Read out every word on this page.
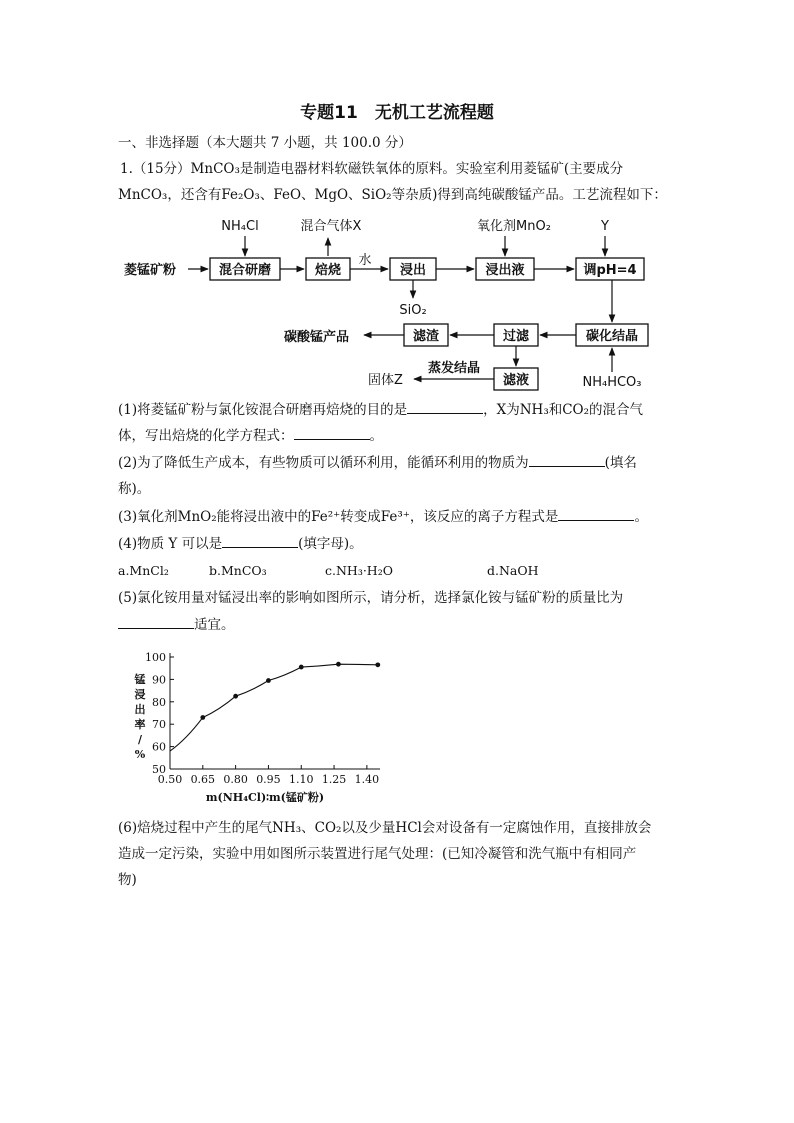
专题11　无机工艺流程题
一、非选择题（本大题共 7 小题，共 100.0 分）
1.（15分）MnCO₃是制造电器材料软磁铁氧体的原料。实验室利用菱锰矿(主要成分
MnCO₃，还含有Fe₂O₃、FeO、MgO、SiO₂等杂质)得到高纯碳酸锰产品。工艺流程如下：
NH₄Cl	混合气体X	氧化剂MnO₂	Y
水
菱锰矿粉	混合研磨	焙烧	浸出	浸出液	调pH=4
SiO₂
碳酸锰产品	滤渣	过滤	碳化结晶
固体Z
蒸发结晶
滤液	NH₄HCO₃
(1)将菱锰矿粉与氯化铵混合研磨再焙烧的目的是	，X为NH₃和CO₂的混合气
体，写出焙烧的化学方程式：	。
(2)为了降低生产成本，有些物质可以循环利用，能循环利用的物质为	(填名
称)。
(3)氧化剂MnO₂能将浸出液中的Fe²⁺转变成Fe³⁺，该反应的离子方程式是	。
(4)物质 Y 可以是	(填字母)。
a.MnCl₂	b.MnCO₃	c.NH₃·H₂O	d.NaOH
(5)氯化铵用量对锰浸出率的影响如图所示，请分析，选择氯化铵与锰矿粉的质量比为
适宜。
50
60
70
80
90
100
0.50 0.65 0.80 0.95 1.10 1.25 1.40
锰
浸
出
率
/
%
m(NH₄Cl)∶m(锰矿粉)
(6)焙烧过程中产生的尾气NH₃、CO₂以及少量HCl会对设备有一定腐蚀作用，直接排放会
造成一定污染，实验中用如图所示装置进行尾气处理：(已知冷凝管和洗气瓶中有相同产
物)
